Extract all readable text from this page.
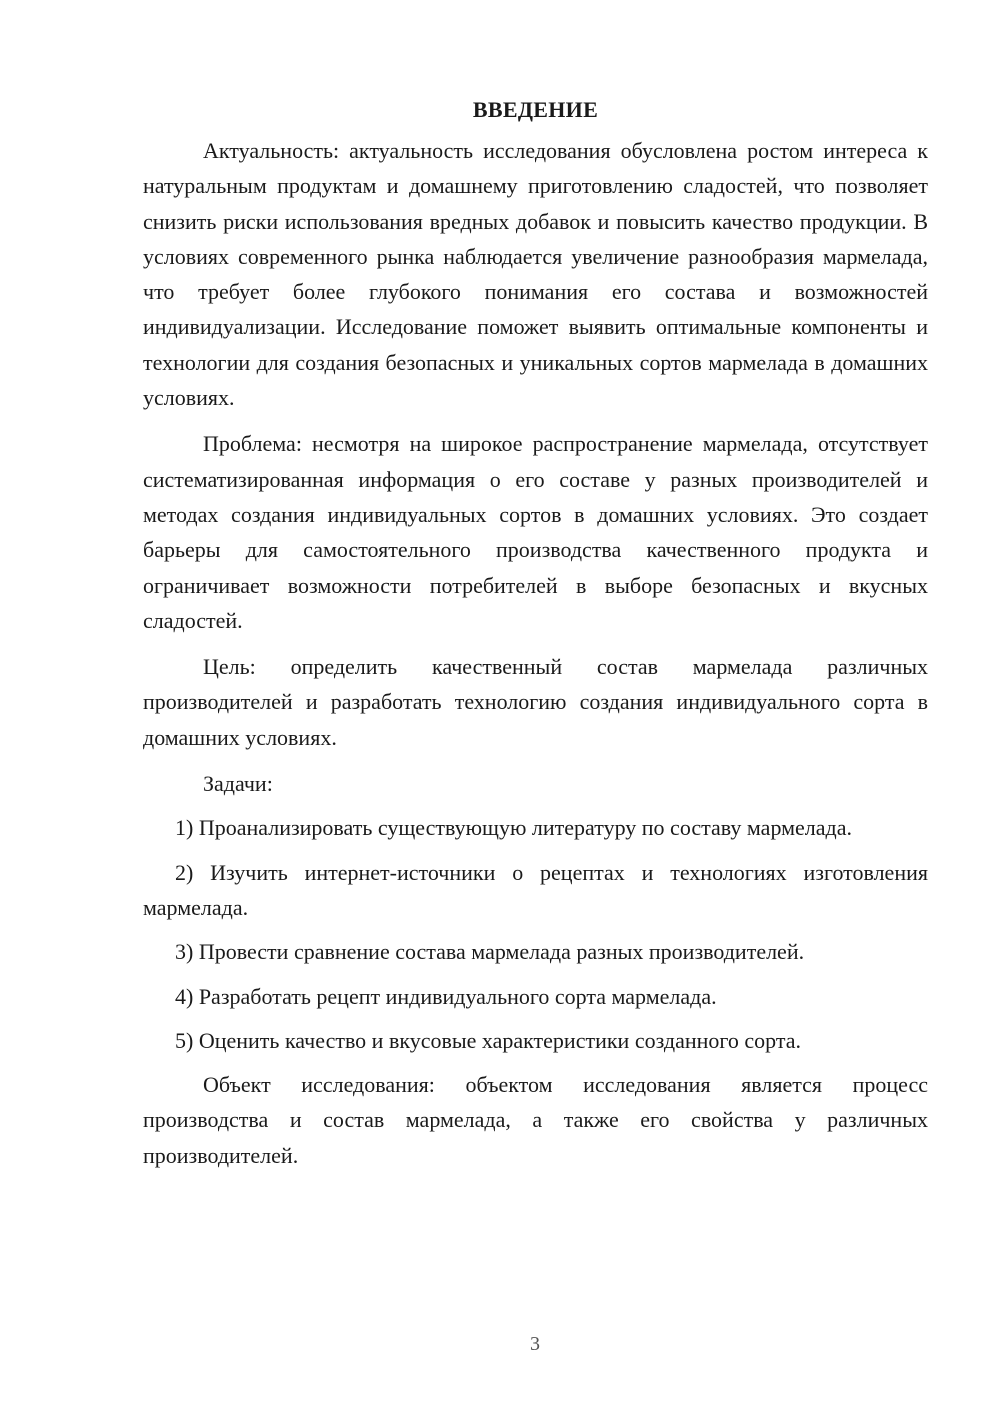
ВВЕДЕНИЕ

Актуальность: актуальность исследования обусловлена ростом интереса к натуральным продуктам и домашнему приготовлению сладостей, что позволяет снизить риски использования вредных добавок и повысить качество продукции. В условиях современного рынка наблюдается увеличение разнообразия мармелада, что требует более глубокого понимания его состава и возможностей индивидуализации. Исследование поможет выявить оптимальные компоненты и технологии для создания безопасных и уникальных сортов мармелада в домашних условиях.

Проблема: несмотря на широкое распространение мармелада, отсутствует систематизированная информация о его составе у разных производителей и методах создания индивидуальных сортов в домашних условиях. Это создает барьеры для самостоятельного производства качественного продукта и ограничивает возможности потребителей в выборе безопасных и вкусных сладостей.

Цель: определить качественный состав мармелада различных производителей и разработать технологию создания индивидуального сорта в домашних условиях.

Задачи:

1) Проанализировать существующую литературу по составу мармелада.

2) Изучить интернет-источники о рецептах и технологиях изготовления мармелада.

3) Провести сравнение состава мармелада разных производителей.

4) Разработать рецепт индивидуального сорта мармелада.

5) Оценить качество и вкусовые характеристики созданного сорта.

Объект исследования: объектом исследования является процесс производства и состав мармелада, а также его свойства у различных производителей.

3
